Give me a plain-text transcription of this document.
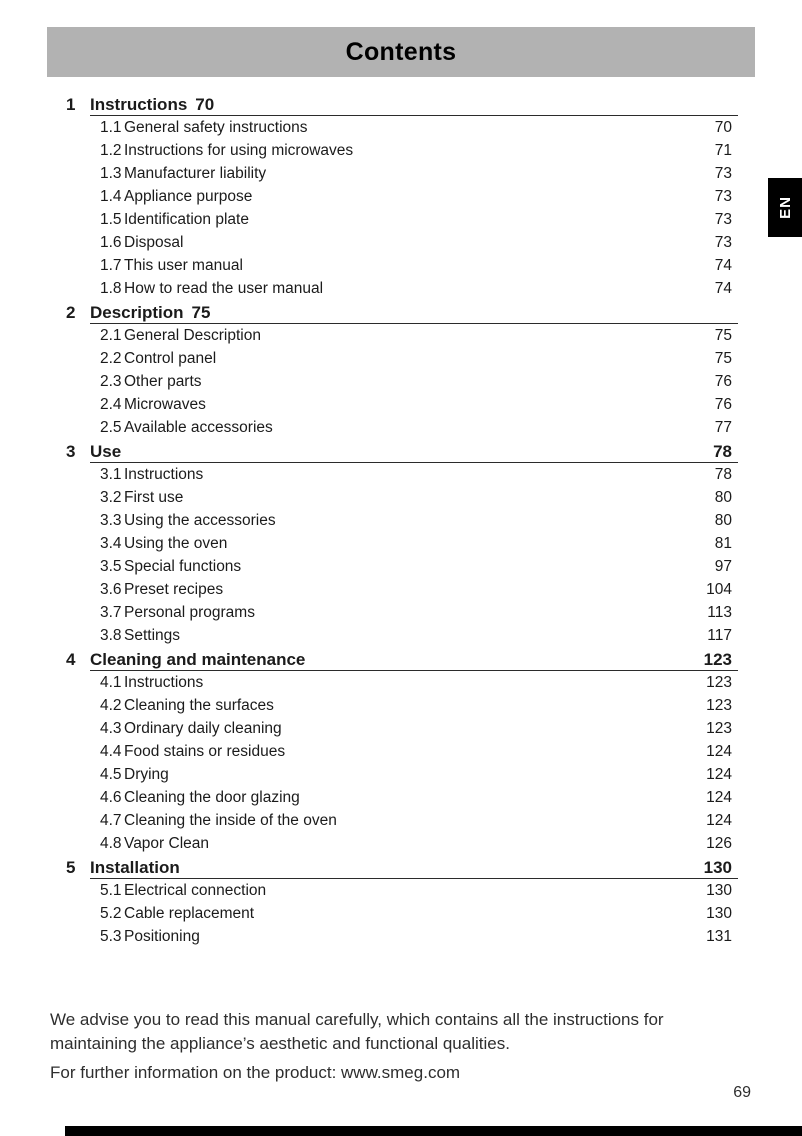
Contents
1 Instructions 70
1.1 General safety instructions	70
1.2 Instructions for using microwaves	71
1.3 Manufacturer liability	73
1.4 Appliance purpose	73
1.5 Identification plate	73
1.6 Disposal	73
1.7 This user manual	74
1.8 How to read the user manual	74
2 Description 75
2.1 General Description	75
2.2 Control panel	75
2.3 Other parts	76
2.4 Microwaves	76
2.5 Available accessories	77
3 Use	78
3.1 Instructions	78
3.2 First use	80
3.3 Using the accessories	80
3.4 Using the oven	81
3.5 Special functions	97
3.6 Preset recipes	104
3.7 Personal programs	113
3.8 Settings	117
4 Cleaning and maintenance	123
4.1 Instructions	123
4.2 Cleaning the surfaces	123
4.3 Ordinary daily cleaning	123
4.4 Food stains or residues	124
4.5 Drying	124
4.6 Cleaning the door glazing	124
4.7 Cleaning the inside of the oven	124
4.8 Vapor Clean	126
5 Installation	130
5.1 Electrical connection	130
5.2 Cable replacement	130
5.3 Positioning	131
EN

We advise you to read this manual carefully, which contains all the instructions for maintaining the appliance’s aesthetic and functional qualities.

For further information on the product: www.smeg.com

69
